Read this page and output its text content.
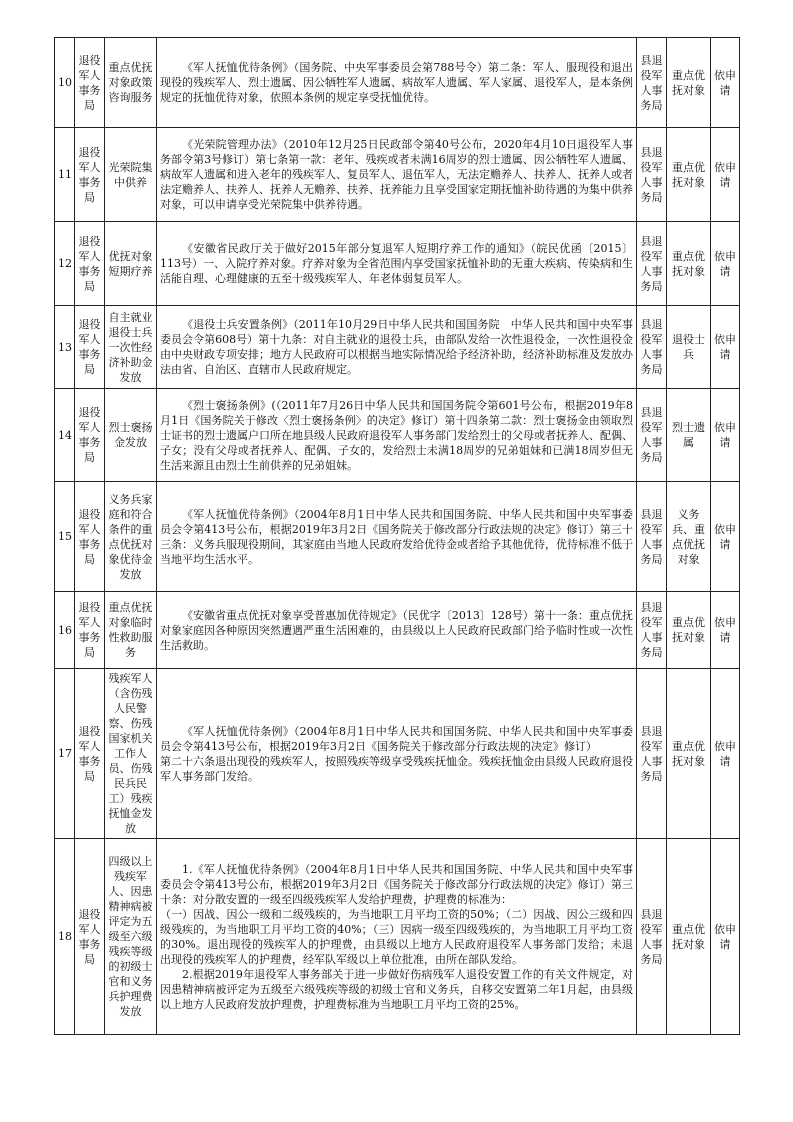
10	退役军人事务局	重点优抚对象政策咨询服务	《军人抚恤优待条例》（国务院、中央军事委员会第788号令）第二条：军人、服现役和退出现役的残疾军人、烈士遗属、因公牺牲军人遗属、病故军人遗属、军人家属、退役军人，是本条例规定的抚恤优待对象，依照本条例的规定享受抚恤优待。	县退役军人事务局	重点优抚对象	依申请
11	退役军人事务局	光荣院集中供养	《光荣院管理办法》（2010年12月25日民政部令第40号公布，2020年4月10日退役军人事务部令第3号修订）第七条第一款：老年、残疾或者未满16周岁的烈士遗属、因公牺牲军人遗属、病故军人遗属和进入老年的残疾军人、复员军人、退伍军人，无法定赡养人、扶养人、抚养人或者法定赡养人、扶养人、抚养人无赡养、扶养、抚养能力且享受国家定期抚恤补助待遇的为集中供养对象，可以申请享受光荣院集中供养待遇。	县退役军人事务局	重点优抚对象	依申请
12	退役军人事务局	优抚对象短期疗养	《安徽省民政厅关于做好2015年部分复退军人短期疗养工作的通知》（皖民优函〔2015〕113号）一、入院疗养对象。疗养对象为全省范围内享受国家抚恤补助的无重大疾病、传染病和生活能自理、心理健康的五至十级残疾军人、年老体弱复员军人。	县退役军人事务局	重点优抚对象	依申请
13	退役军人事务局	自主就业退役士兵一次性经济补助金发放	《退役士兵安置条例》（2011年10月29日中华人民共和国国务院　中华人民共和国中央军事委员会令第608号）第十九条：对自主就业的退役士兵，由部队发给一次性退役金，一次性退役金由中央财政专项安排；地方人民政府可以根据当地实际情况给予经济补助，经济补助标准及发放办法由省、自治区、直辖市人民政府规定。	县退役军人事务局	退役士兵	依申请
14	退役军人事务局	烈士褒扬金发放	《烈士褒扬条例》(（2011年7月26日中华人民共和国国务院令第601号公布，根据2019年8月1日《国务院关于修改〈烈士褒扬条例〉的决定》修订）第十四条第二款：烈士褒扬金由领取烈士证书的烈士遗属户口所在地县级人民政府退役军人事务部门发给烈士的父母或者抚养人、配偶、子女；没有父母或者抚养人、配偶、子女的，发给烈士未满18周岁的兄弟姐妹和已满18周岁但无生活来源且由烈士生前供养的兄弟姐妹。	县退役军人事务局	烈士遗属	依申请
15	退役军人事务局	义务兵家庭和符合条件的重点优抚对象优待金发放	《军人抚恤优待条例》（2004年8月1日中华人民共和国国务院、中华人民共和国中央军事委员会令第413号公布，根据2019年3月2日《国务院关于修改部分行政法规的决定》修订）第三十三条：义务兵服现役期间，其家庭由当地人民政府发给优待金或者给予其他优待，优待标准不低于当地平均生活水平。	县退役军人事务局	义务兵、重点优抚对象	依申请
16	退役军人事务局	重点优抚对象临时性救助服务	《安徽省重点优抚对象享受普惠加优待规定》（民优字〔2013〕128号）第十一条：重点优抚对象家庭因各种原因突然遭遇严重生活困难的，由县级以上人民政府民政部门给予临时性或一次性生活救助。	县退役军人事务局	重点优抚对象	依申请
17	退役军人事务局	残疾军人（含伤残人民警察、伤残国家机关工作人员、伤残民兵民工）残疾抚恤金发放	《军人抚恤优待条例》（2004年8月1日中华人民共和国国务院、中华人民共和国中央军事委员会令第413号公布，根据2019年3月2日《国务院关于修改部分行政法规的决定》修订）

第二十六条退出现役的残疾军人，按照残疾等级享受残疾抚恤金。残疾抚恤金由县级人民政府退役军人事务部门发给。	县退役军人事务局	重点优抚对象	依申请
18	退役军人事务局	四级以上残疾军人、因患精神病被评定为五级至六级残疾等级的初级士官和义务兵护理费发放	1.《军人抚恤优待条例》（2004年8月1日中华人民共和国国务院、中华人民共和国中央军事委员会令第413号公布，根据2019年3月2日《国务院关于修改部分行政法规的决定》修订）第三十条：对分散安置的一级至四级残疾军人发给护理费，护理费的标准为：

（一）因战、因公一级和二级残疾的，为当地职工月平均工资的50%；（二）因战、因公三级和四级残疾的，为当地职工月平均工资的40%；（三）因病一级至四级残疾的，为当地职工月平均工资的30%。退出现役的残疾军人的护理费，由县级以上地方人民政府退役军人事务部门发给；未退出现役的残疾军人的护理费，经军队军级以上单位批准，由所在部队发给。

2.根据2019年退役军人事务部关于进一步做好伤病残军人退役安置工作的有关文件规定，对因患精神病被评定为五级至六级残疾等级的初级士官和义务兵，自移交安置第二年1月起，由县级以上地方人民政府发放护理费，护理费标准为当地职工月平均工资的25%。	县退役军人事务局	重点优抚对象	依申请
